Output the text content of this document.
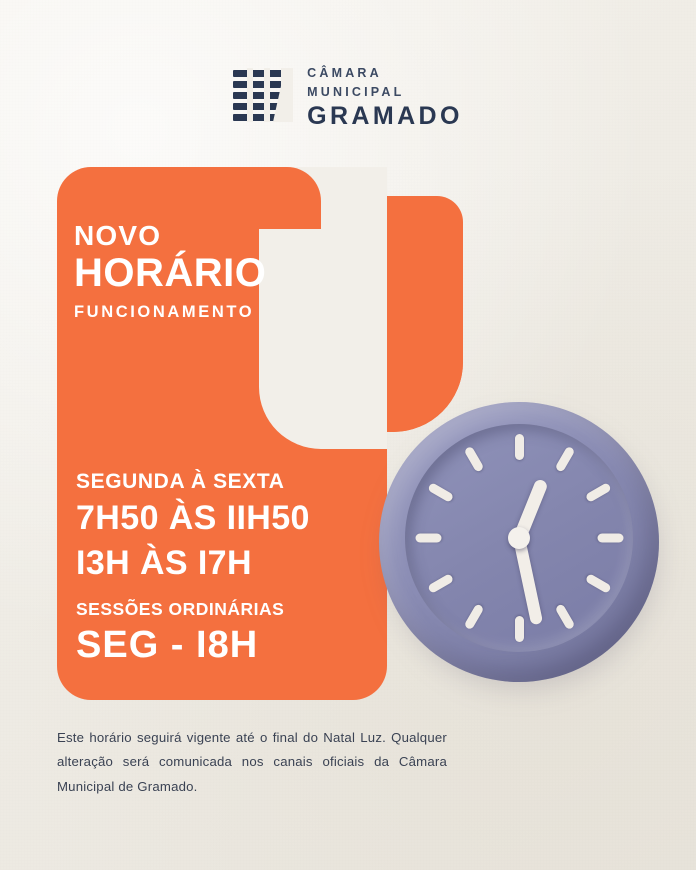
CÂMARA
MUNICIPAL
GRAMADO
NOVO
HORÁRIO
FUNCIONAMENTO
SEGUNDA À SEXTA
7H50 ÀS IIH50
I3H ÀS I7H
SESSÕES ORDINÁRIAS
SEG - I8H
Este horário seguirá vigente até o final do Natal Luz. Qualquer alteração será comunicada nos canais oficiais da Câmara Municipal de Gramado.
